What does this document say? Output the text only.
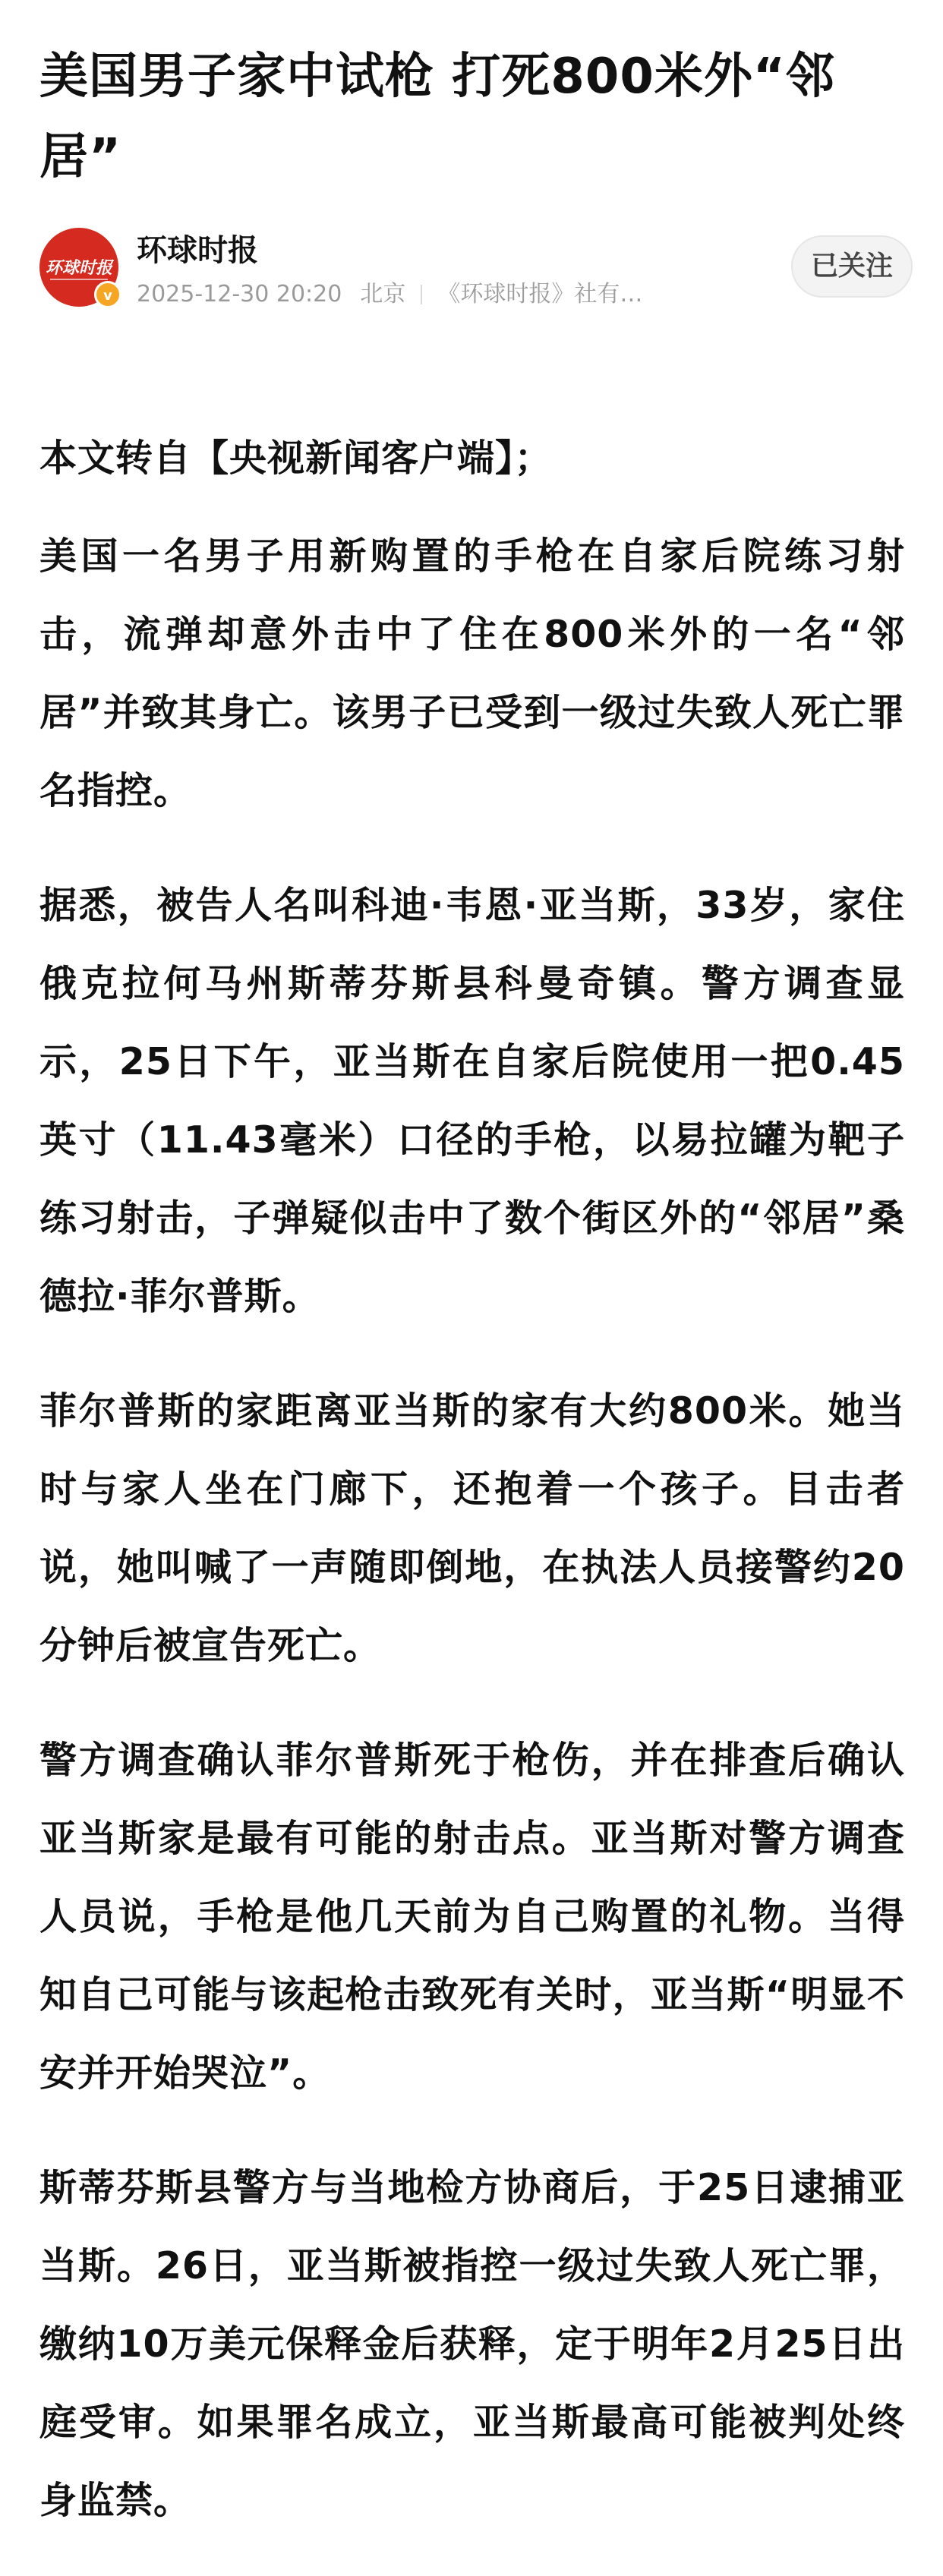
美国男子家中试枪 打死800米外“邻居”
环球时报
v
环球时报
2025-12-30 20:20 北京 《环球时报》社有…
已关注

本文转自【央视新闻客户端】；

美国一名男子用新购置的手枪在自家后院练习射击，流弹却意外击中了住在800米外的一名“邻居”并致其身亡。该男子已受到一级过失致人死亡罪名指控。

据悉，被告人名叫科迪·韦恩·亚当斯，33岁，家住俄克拉何马州斯蒂芬斯县科曼奇镇。警方调查显示，25日下午，亚当斯在自家后院使用一把0.45英寸（11.43毫米）口径的手枪，以易拉罐为靶子练习射击，子弹疑似击中了数个街区外的“邻居”桑德拉·菲尔普斯。

菲尔普斯的家距离亚当斯的家有大约800米。她当时与家人坐在门廊下，还抱着一个孩子。目击者说，她叫喊了一声随即倒地，在执法人员接警约20分钟后被宣告死亡。

警方调查确认菲尔普斯死于枪伤，并在排查后确认亚当斯家是最有可能的射击点。亚当斯对警方调查人员说，手枪是他几天前为自己购置的礼物。当得知自己可能与该起枪击致死有关时，亚当斯“明显不安并开始哭泣”。

斯蒂芬斯县警方与当地检方协商后，于25日逮捕亚当斯。26日，亚当斯被指控一级过失致人死亡罪，缴纳10万美元保释金后获释，定于明年2月25日出庭受审。如果罪名成立，亚当斯最高可能被判处终身监禁。
